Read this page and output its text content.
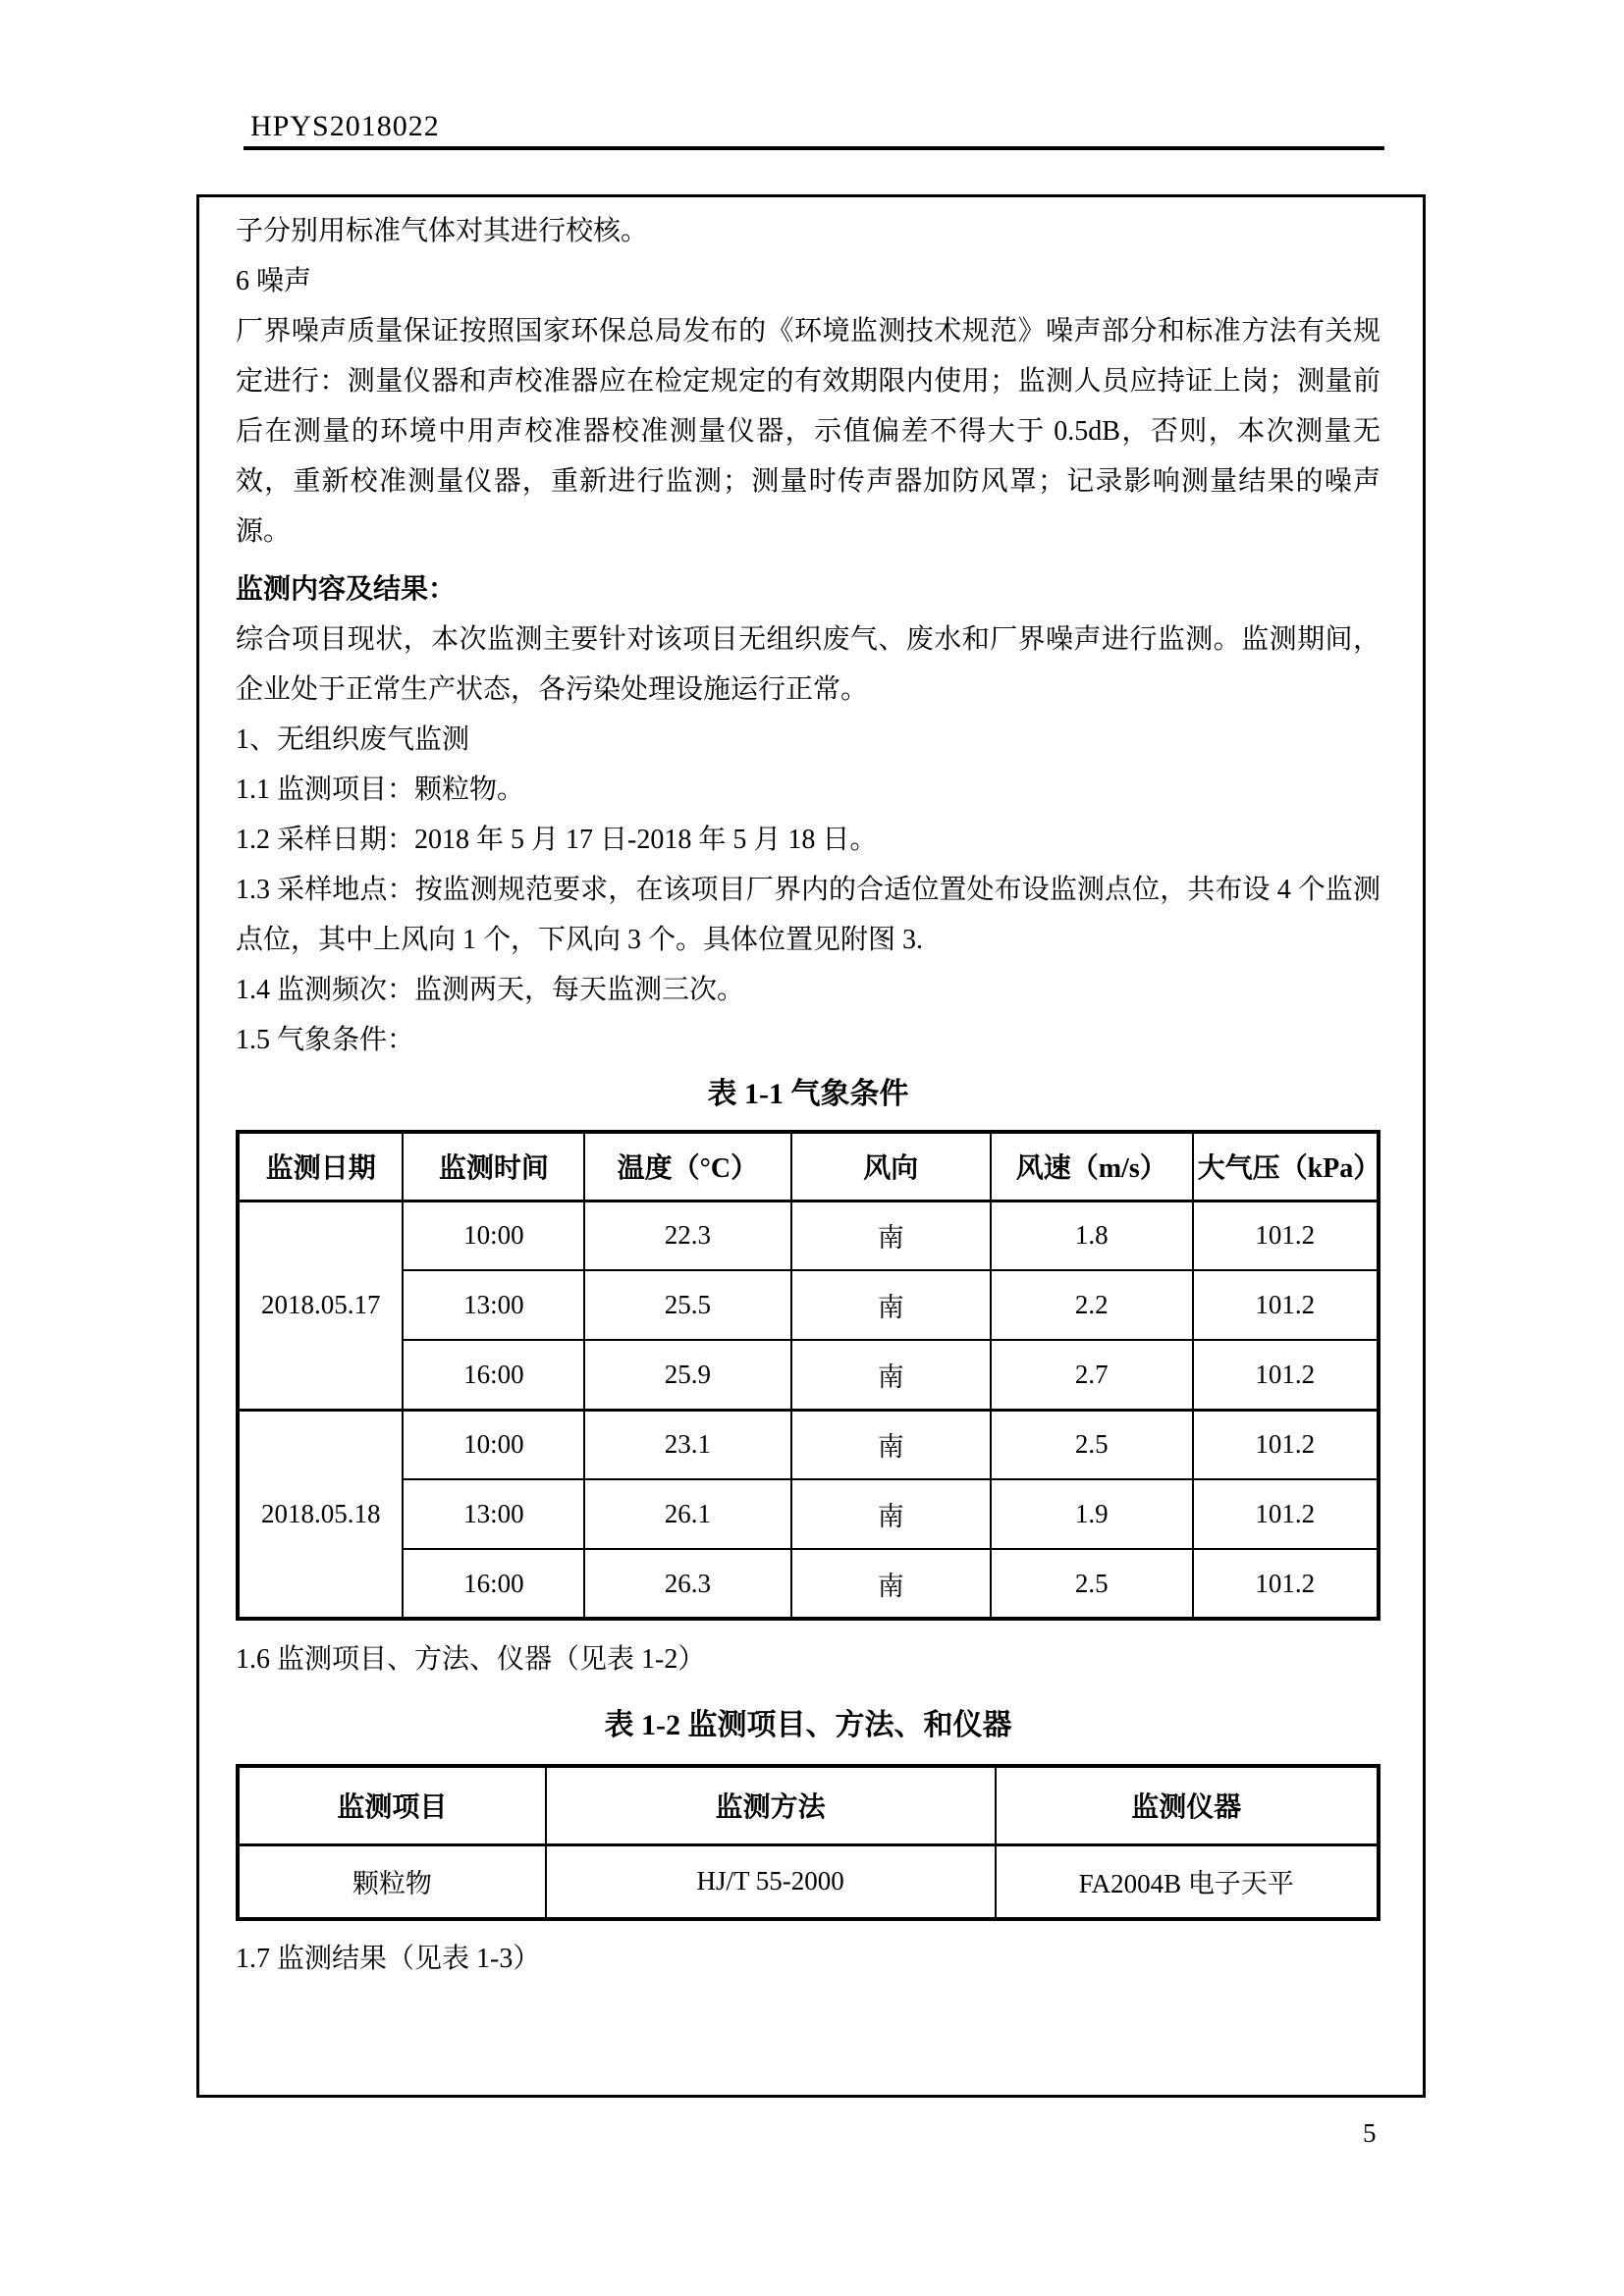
HPYS2018022

子分别用标准气体对其进行校核。

6 噪声

厂界噪声质量保证按照国家环保总局发布的《环境监测技术规范》噪声部分和标准方法有关规定进行：测量仪器和声校准器应在检定规定的有效期限内使用；监测人员应持证上岗；测量前后在测量的环境中用声校准器校准测量仪器，示值偏差不得大于 0.5dB，否则，本次测量无效，重新校准测量仪器，重新进行监测；测量时传声器加防风罩；记录影响测量结果的噪声源。

监测内容及结果：

综合项目现状，本次监测主要针对该项目无组织废气、废水和厂界噪声进行监测。监测期间，企业处于正常生产状态，各污染处理设施运行正常。

1、无组织废气监测

1.1 监测项目：颗粒物。

1.2 采样日期：2018 年 5 月 17 日-2018 年 5 月 18 日。

1.3 采样地点：按监测规范要求，在该项目厂界内的合适位置处布设监测点位，共布设 4 个监测点位，其中上风向 1 个，下风向 3 个。具体位置见附图 3.

1.4 监测频次：监测两天，每天监测三次。

1.5 气象条件：

表 1-1 气象条件
监测日期	监测时间	温度（°C）	风向	风速（m/s）	大气压（kPa）
2018.05.17	10:00	22.3	南	1.8	101.2
	13:00	25.5	南	2.2	101.2
	16:00	25.9	南	2.7	101.2
2018.05.18	10:00	23.1	南	2.5	101.2
	13:00	26.1	南	1.9	101.2
	16:00	26.3	南	2.5	101.2

1.6 监测项目、方法、仪器（见表 1-2）

表 1-2 监测项目、方法、和仪器
监测项目	监测方法	监测仪器
颗粒物	HJ/T 55-2000	FA2004B 电子天平

1.7 监测结果（见表 1-3）

5
